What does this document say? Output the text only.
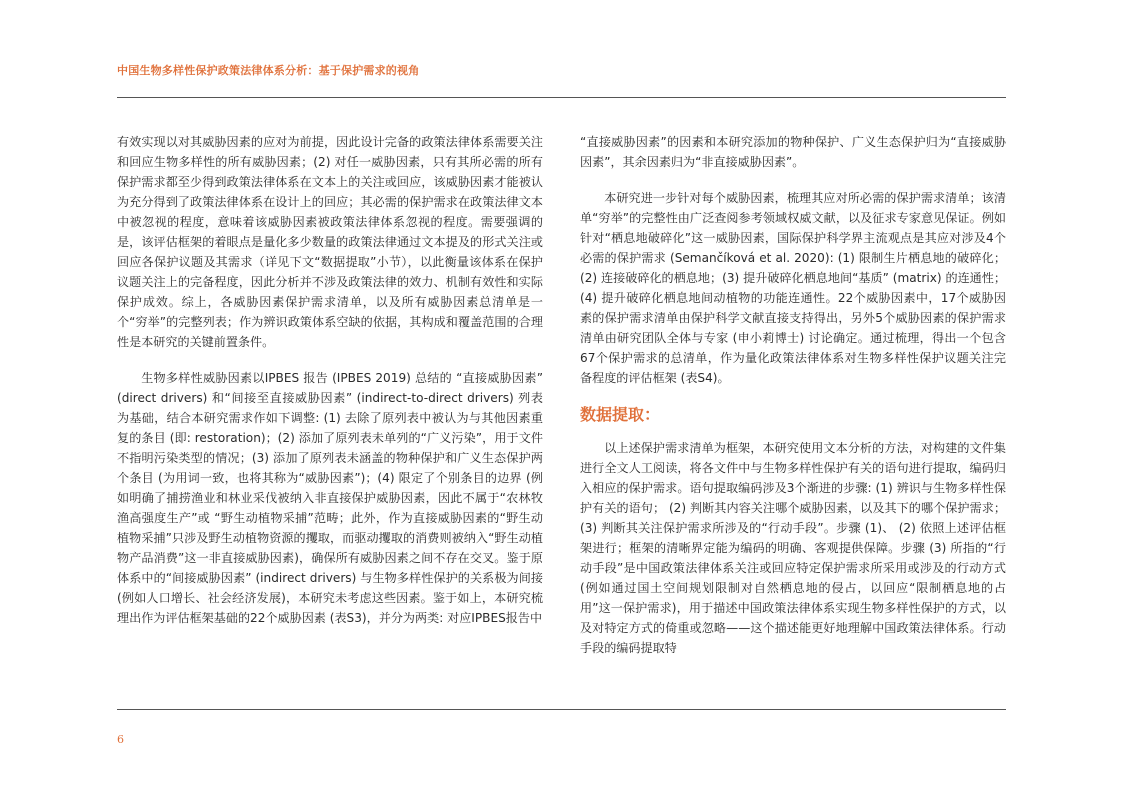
中国生物多样性保护政策法律体系分析：基于保护需求的视角

有效实现以对其威胁因素的应对为前提，因此设计完备的政策法律体系需要关注和回应生物多样性的所有威胁因素；(2) 对任一威胁因素，只有其所必需的所有保护需求都至少得到政策法律体系在文本上的关注或回应，该威胁因素才能被认为充分得到了政策法律体系在设计上的回应；其必需的保护需求在政策法律文本中被忽视的程度，意味着该威胁因素被政策法律体系忽视的程度。需要强调的是，该评估框架的着眼点是量化多少数量的政策法律通过文本提及的形式关注或回应各保护议题及其需求（详见下文“数据提取”小节），以此衡量该体系在保护议题关注上的完备程度，因此分析并不涉及政策法律的效力、机制有效性和实际保护成效。综上，各威胁因素保护需求清单，以及所有威胁因素总清单是一个“穷举”的完整列表；作为辨识政策体系空缺的依据，其构成和覆盖范围的合理性是本研究的关键前置条件。

生物多样性威胁因素以IPBES 报告 (IPBES 2019) 总结的 “直接威胁因素” (direct drivers) 和“间接至直接威胁因素” (indirect-to-direct drivers) 列表为基础，结合本研究需求作如下调整: (1) 去除了原列表中被认为与其他因素重复的条目 (即: restoration)；(2) 添加了原列表未单列的“广义污染”，用于文件不指明污染类型的情况；(3) 添加了原列表未涵盖的物种保护和广义生态保护两个条目 (为用词一致，也将其称为“威胁因素”)；(4) 限定了个别条目的边界 (例如明确了捕捞渔业和林业采伐被纳入非直接保护威胁因素，因此不属于“农林牧渔高强度生产”或 “野生动植物采捕”范畴；此外，作为直接威胁因素的“野生动植物采捕”只涉及野生动植物资源的攫取，而驱动攫取的消费则被纳入“野生动植物产品消费”这一非直接威胁因素)，确保所有威胁因素之间不存在交叉。鉴于原体系中的“间接威胁因素” (indirect drivers) 与生物多样性保护的关系极为间接 (例如人口增长、社会经济发展)，本研究未考虑这些因素。鉴于如上，本研究梳理出作为评估框架基础的22个威胁因素 (表S3)，并分为两类: 对应IPBES报告中

“直接威胁因素”的因素和本研究添加的物种保护、广义生态保护归为“直接威胁因素”，其余因素归为“非直接威胁因素”。

本研究进一步针对每个威胁因素，梳理其应对所必需的保护需求清单；该清单“穷举”的完整性由广泛查阅参考领域权威文献，以及征求专家意见保证。例如针对“栖息地破碎化”这一威胁因素，国际保护科学界主流观点是其应对涉及4个必需的保护需求 (Semančíková et al. 2020): (1) 限制生片栖息地的破碎化；(2) 连接破碎化的栖息地；(3) 提升破碎化栖息地间“基质” (matrix) 的连通性； (4) 提升破碎化栖息地间动植物的功能连通性。22个威胁因素中，17个威胁因素的保护需求清单由保护科学文献直接支持得出，另外5个威胁因素的保护需求清单由研究团队全体与专家 (申小莉博士) 讨论确定。通过梳理，得出一个包含67个保护需求的总清单，作为量化政策法律体系对生物多样性保护议题关注完备程度的评估框架 (表S4)。

数据提取：

以上述保护需求清单为框架，本研究使用文本分析的方法，对构建的文件集进行全文人工阅读，将各文件中与生物多样性保护有关的语句进行提取，编码归入相应的保护需求。语句提取编码涉及3个渐进的步骤: (1) 辨识与生物多样性保护有关的语句； (2) 判断其内容关注哪个威胁因素，以及其下的哪个保护需求；(3) 判断其关注保护需求所涉及的“行动手段”。步骤 (1)、 (2) 依照上述评估框架进行；框架的清晰界定能为编码的明确、客观提供保障。步骤 (3) 所指的“行动手段”是中国政策法律体系关注或回应特定保护需求所采用或涉及的行动方式 (例如通过国土空间规划限制对自然栖息地的侵占，以回应“限制栖息地的占用”这一保护需求)，用于描述中国政策法律体系实现生物多样性保护的方式，以及对特定方式的倚重或忽略——这个描述能更好地理解中国政策法律体系。行动手段的编码提取特

6
